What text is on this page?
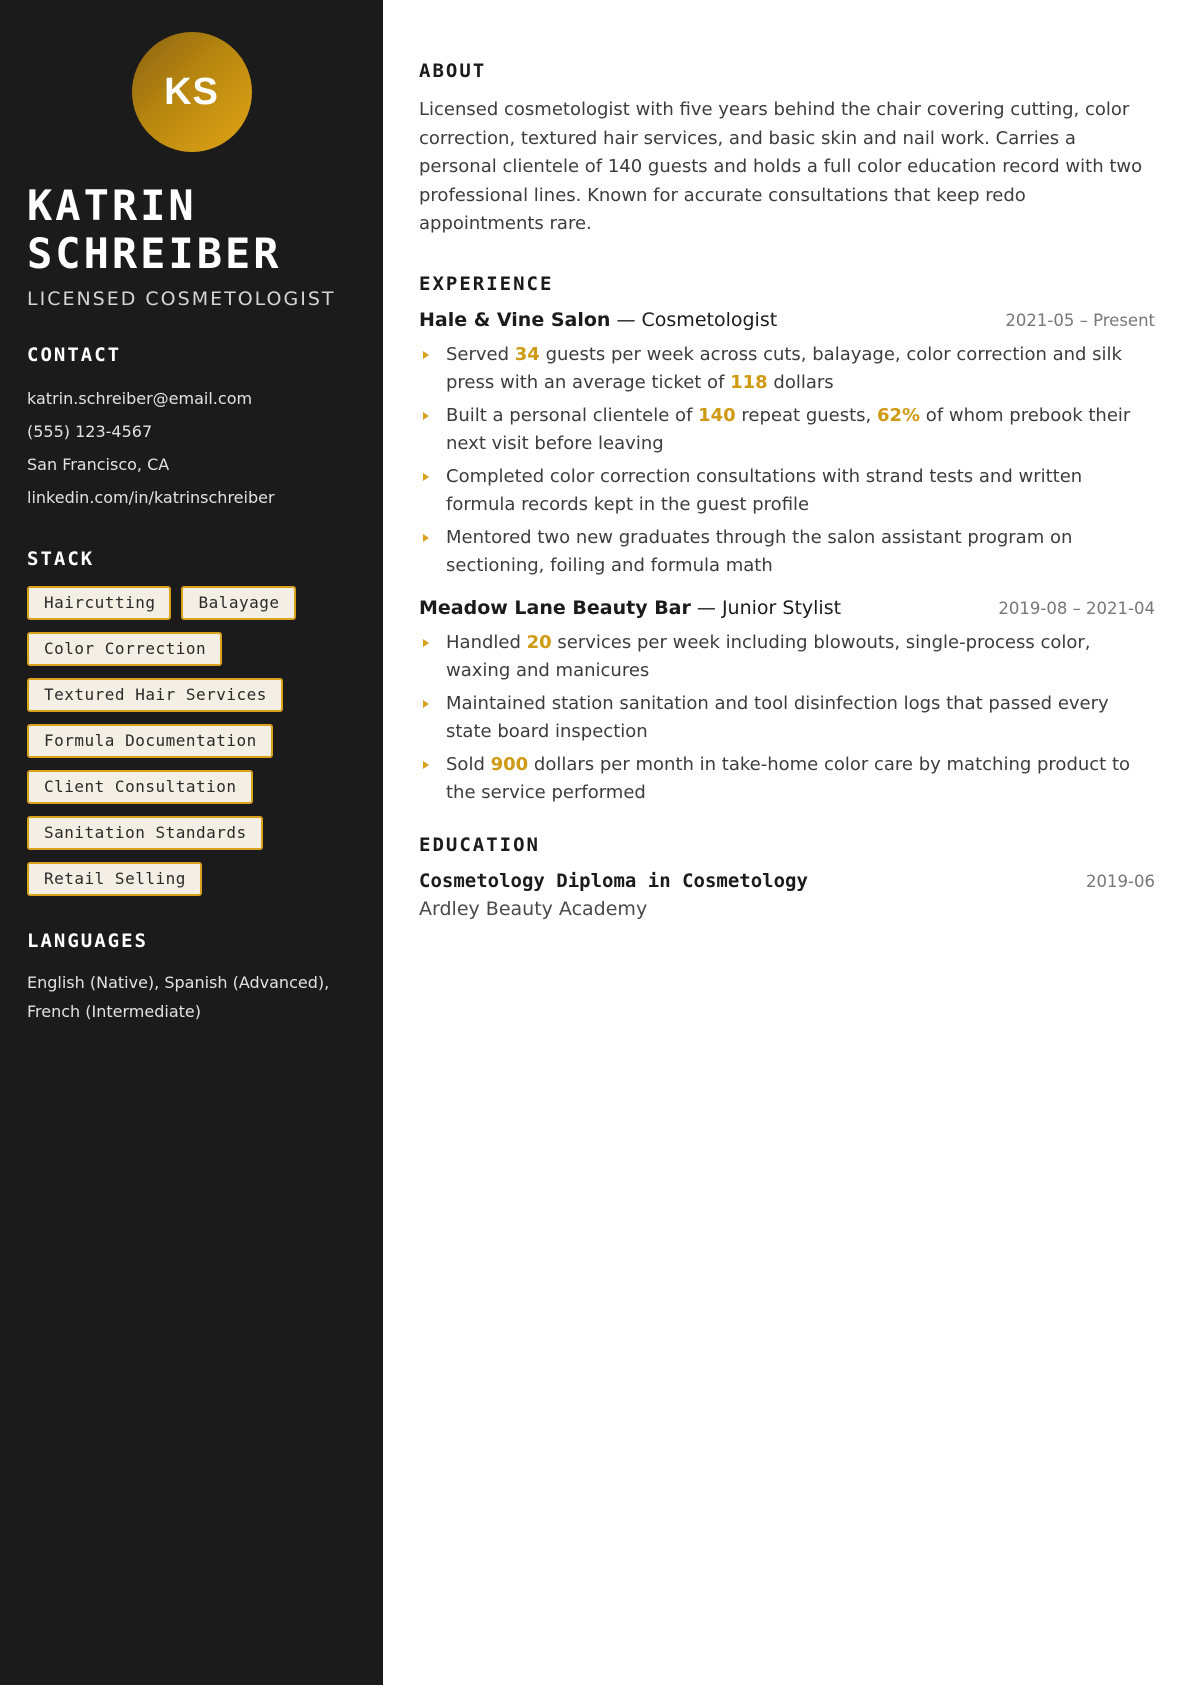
KS
KATRIN
SCHREIBER
LICENSED COSMETOLOGIST
CONTACT
katrin.schreiber@email.com
(555) 123-4567
San Francisco, CA
linkedin.com/in/katrinschreiber
STACK
Haircutting	Balayage
Color Correction
Textured Hair Services
Formula Documentation
Client Consultation
Sanitation Standards
Retail Selling
LANGUAGES

English (Native), Spanish (Advanced), French (Intermediate)

ABOUT

Licensed cosmetologist with five years behind the chair covering cutting, color correction, textured hair services, and basic skin and nail work. Carries a personal clientele of 140 guests and holds a full color education record with two professional lines. Known for accurate consultations that keep redo appointments rare.

EXPERIENCE
Hale & Vine Salon — Cosmetologist	2021-05 – Present
Served 34 guests per week across cuts, balayage, color correction and silk press with an average ticket of 118 dollars
Built a personal clientele of 140 repeat guests, 62% of whom prebook their next visit before leaving
Completed color correction consultations with strand tests and written formula records kept in the guest profile
Mentored two new graduates through the salon assistant program on sectioning, foiling and formula math
Meadow Lane Beauty Bar — Junior Stylist	2019-08 – 2021-04
Handled 20 services per week including blowouts, single-process color, waxing and manicures
Maintained station sanitation and tool disinfection logs that passed every state board inspection
Sold 900 dollars per month in take-home color care by matching product to the service performed
EDUCATION
Cosmetology Diploma in Cosmetology	2019-06
Ardley Beauty Academy
